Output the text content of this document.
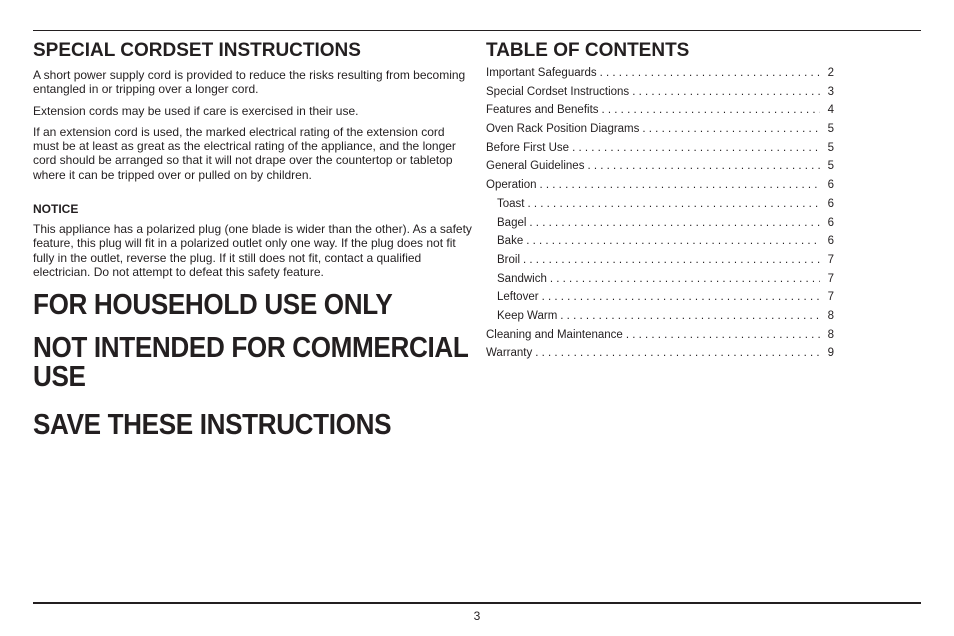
SPECIAL CORDSET INSTRUCTIONS

A short power supply cord is provided to reduce the risks resulting from becoming entangled in or tripping over a longer cord.

Extension cords may be used if care is exercised in their use.

If an extension cord is used, the marked electrical rating of the extension cord must be at least as great as the electrical rating of the appliance, and the longer cord should be arranged so that it will not drape over the countertop or tabletop where it can be tripped over or pulled on by children.

NOTICE

This appliance has a polarized plug (one blade is wider than the other). As a safety feature, this plug will fit in a polarized outlet only one way. If the plug does not fit fully in the outlet, reverse the plug. If it still does not fit, contact a qualified electrician. Do not attempt to defeat this safety feature.

FOR HOUSEHOLD USE ONLY
NOT INTENDED FOR COMMERCIAL USE
SAVE THESE INSTRUCTIONS
TABLE OF CONTENTS
Important Safeguards . . .	2
Special Cordset Instructions . . .	3
Features and Benefits . . .	4
Oven Rack Position Diagrams . . .	5
Before First Use . . .	5
General Guidelines . . .	5
Operation . . .	6
Toast . . .	6
Bagel . . .	6
Bake . . .	6
Broil . . .	7
Sandwich . . .	7
Leftover . . .	7
Keep Warm . . .	8
Cleaning and Maintenance . . .	8
Warranty . . .	9
3
